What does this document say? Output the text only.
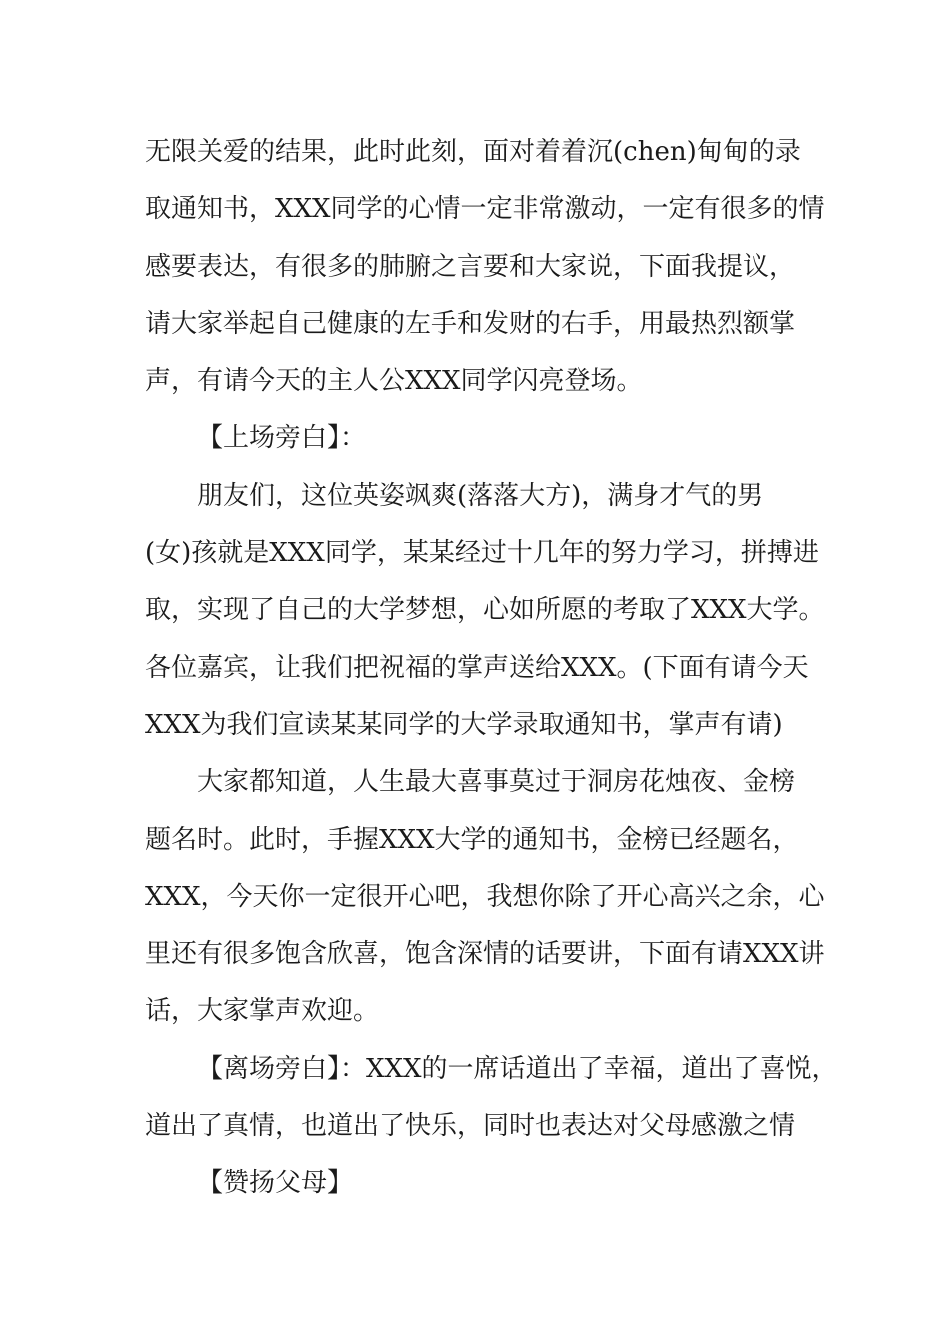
无限关爱的结果，此时此刻，面对着着沉(chen)甸甸的录
取通知书，XXX同学的心情一定非常激动，一定有很多的情
感要表达，有很多的肺腑之言要和大家说，下面我提议，
请大家举起自己健康的左手和发财的右手，用最热烈额掌
声，有请今天的主人公XXX同学闪亮登场。
【上场旁白】：
朋友们，这位英姿飒爽(落落大方)，满身才气的男
(女)孩就是XXX同学，某某经过十几年的努力学习，拼搏进
取，实现了自己的大学梦想，心如所愿的考取了XXX大学。
各位嘉宾，让我们把祝福的掌声送给XXX。(下面有请今天
XXX为我们宣读某某同学的大学录取通知书，掌声有请)
大家都知道，人生最大喜事莫过于洞房花烛夜、金榜
题名时。此时，手握XXX大学的通知书，金榜已经题名，
XXX，今天你一定很开心吧，我想你除了开心高兴之余，心
里还有很多饱含欣喜，饱含深情的话要讲，下面有请XXX讲
话，大家掌声欢迎。
【离场旁白】：XXX的一席话道出了幸福，道出了喜悦，
道出了真情，也道出了快乐，同时也表达对父母感激之情
【赞扬父母】
